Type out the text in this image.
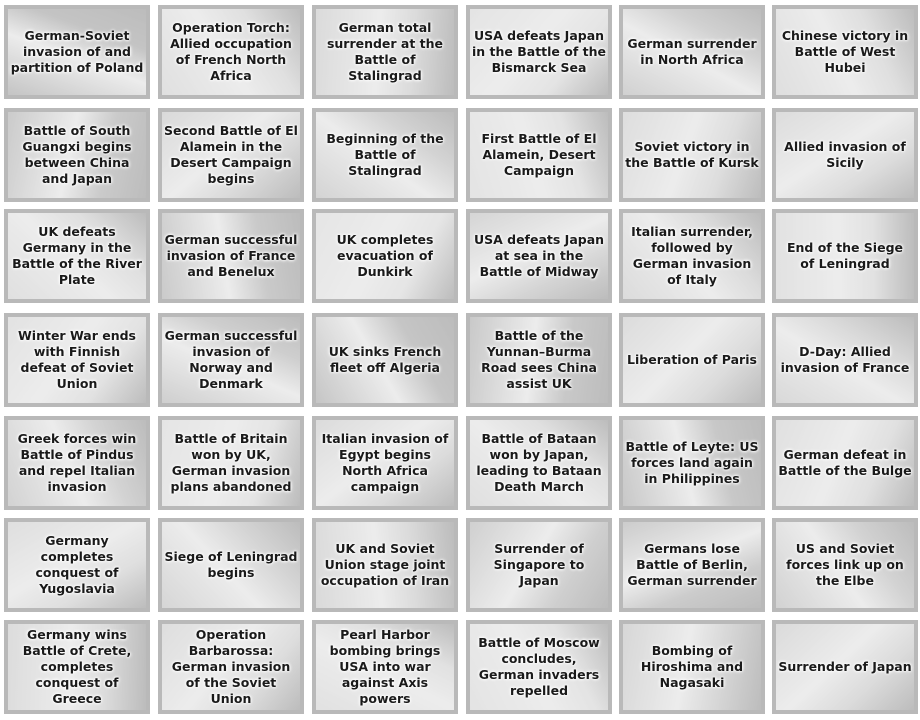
German-Soviet invasion of and partition of Poland
Operation Torch: Allied occupation of French North Africa
German total surrender at the Battle of Stalingrad
USA defeats Japan in the Battle of the Bismarck Sea
German surrender in North Africa
Chinese victory in Battle of West Hubei
Battle of South Guangxi begins between China and Japan
Second Battle of El Alamein in the Desert Campaign begins
Beginning of the Battle of Stalingrad
First Battle of El Alamein, Desert Campaign
Soviet victory in the Battle of Kursk
Allied invasion of Sicily
UK defeats Germany in the Battle of the River Plate
German successful invasion of France and Benelux
UK completes evacuation of Dunkirk
USA defeats Japan at sea in the Battle of Midway
Italian surrender, followed by German invasion of Italy
End of the Siege of Leningrad
Winter War ends with Finnish defeat of Soviet Union
German successful invasion of Norway and Denmark
UK sinks French fleet off Algeria
Battle of the Yunnan–Burma Road sees China assist UK
Liberation of Paris
D-Day: Allied invasion of France
Greek forces win Battle of Pindus and repel Italian invasion
Battle of Britain won by UK, German invasion plans abandoned
Italian invasion of Egypt begins North Africa campaign
Battle of Bataan won by Japan, leading to Bataan Death March
Battle of Leyte: US forces land again in Philippines
German defeat in Battle of the Bulge
Germany completes conquest of Yugoslavia
Siege of Leningrad begins
UK and Soviet Union stage joint occupation of Iran
Surrender of Singapore to Japan
Germans lose Battle of Berlin, German surrender
US and Soviet forces link up on the Elbe
Germany wins Battle of Crete, completes conquest of Greece
Operation Barbarossa: German invasion of the Soviet Union
Pearl Harbor bombing brings USA into war against Axis powers
Battle of Moscow concludes, German invaders repelled
Bombing of Hiroshima and Nagasaki
Surrender of Japan
